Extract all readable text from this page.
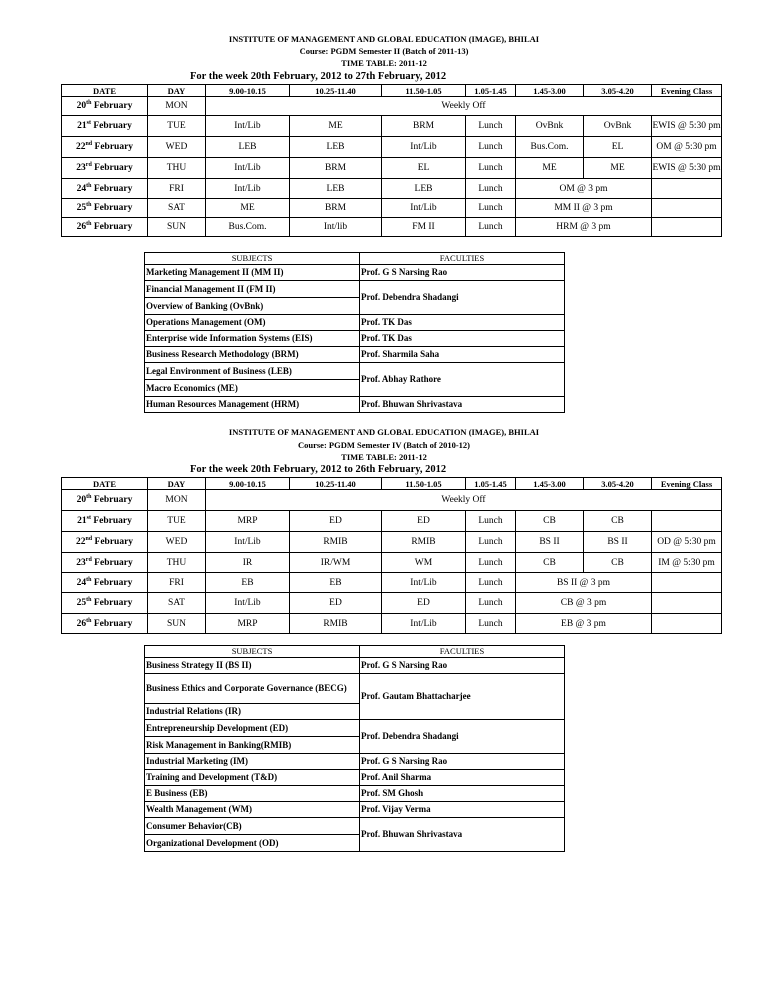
INSTITUTE OF MANAGEMENT AND GLOBAL EDUCATION (IMAGE), BHILAI
Course: PGDM Semester II (Batch of 2011-13)
TIME TABLE: 2011-12
For the week 20th February, 2012 to 27th February, 2012
DATE	DAY	9.00-10.15	10.25-11.40	11.50-1.05	1.05-1.45	1.45-3.00	3.05-4.20	Evening Class
20th February	MON	Weekly Off						
21st February	TUE	Int/Lib	ME	BRM	Lunch	OvBnk	OvBnk	EWIS @ 5:30 pm
22nd February	WED	LEB	LEB	Int/Lib	Lunch	Bus.Com.	EL	OM @ 5:30 pm
23rd February	THU	Int/Lib	BRM	EL	Lunch	ME	ME	EWIS @ 5:30 pm
24th February	FRI	Int/Lib	LEB	LEB	Lunch	OM @ 3 pm		
25th February	SAT	ME	BRM	Int/Lib	Lunch	MM II @ 3 pm		
26th February	SUN	Bus.Com.	Int/lib	FM II	Lunch	HRM @ 3 pm		
SUBJECTS	FACULTIES
Marketing Management II (MM II)	Prof. G S Narsing Rao
Financial Management II (FM II)	Prof. Debendra Shadangi
Overview of Banking (OvBnk)	
Operations Management (OM)	Prof. TK Das
Enterprise wide Information Systems (EIS)	Prof. TK Das
Business Research Methodology (BRM)	Prof. Sharmila Saha
Legal Environment of Business (LEB)	Prof. Abhay Rathore
Macro Economics (ME)	
Human Resources Management (HRM)	Prof. Bhuwan Shrivastava
INSTITUTE OF MANAGEMENT AND GLOBAL EDUCATION (IMAGE), BHILAI
Course: PGDM Semester IV (Batch of 2010-12)
TIME TABLE: 2011-12
For the week 20th February, 2012 to 26th February, 2012
DATE	DAY	9.00-10.15	10.25-11.40	11.50-1.05	1.05-1.45	1.45-3.00	3.05-4.20	Evening Class
20th February	MON	Weekly Off						
21st February	TUE	MRP	ED	ED	Lunch	CB	CB	
22nd February	WED	Int/Lib	RMIB	RMIB	Lunch	BS II	BS II	OD @ 5:30 pm
23rd February	THU	IR	IR/WM	WM	Lunch	CB	CB	IM @ 5:30 pm
24th February	FRI	EB	EB	Int/Lib	Lunch	BS II @ 3 pm		
25th February	SAT	Int/Lib	ED	ED	Lunch	CB @ 3 pm		
26th February	SUN	MRP	RMIB	Int/Lib	Lunch	EB @ 3 pm		
SUBJECTS	FACULTIES
Business Strategy II (BS II)	Prof. G S Narsing Rao
Business Ethics and Corporate Governance (BECG)	Prof. Gautam Bhattacharjee
Industrial Relations (IR)	
Entrepreneurship Development (ED)	Prof. Debendra Shadangi
Risk Management in Banking(RMIB)	
Industrial Marketing (IM)	Prof. G S Narsing Rao
Training and Development (T&D)	Prof. Anil Sharma
E Business (EB)	Prof. SM Ghosh
Wealth Management (WM)	Prof. Vijay Verma
Consumer Behavior(CB)	Prof. Bhuwan Shrivastava
Organizational Development (OD)	
